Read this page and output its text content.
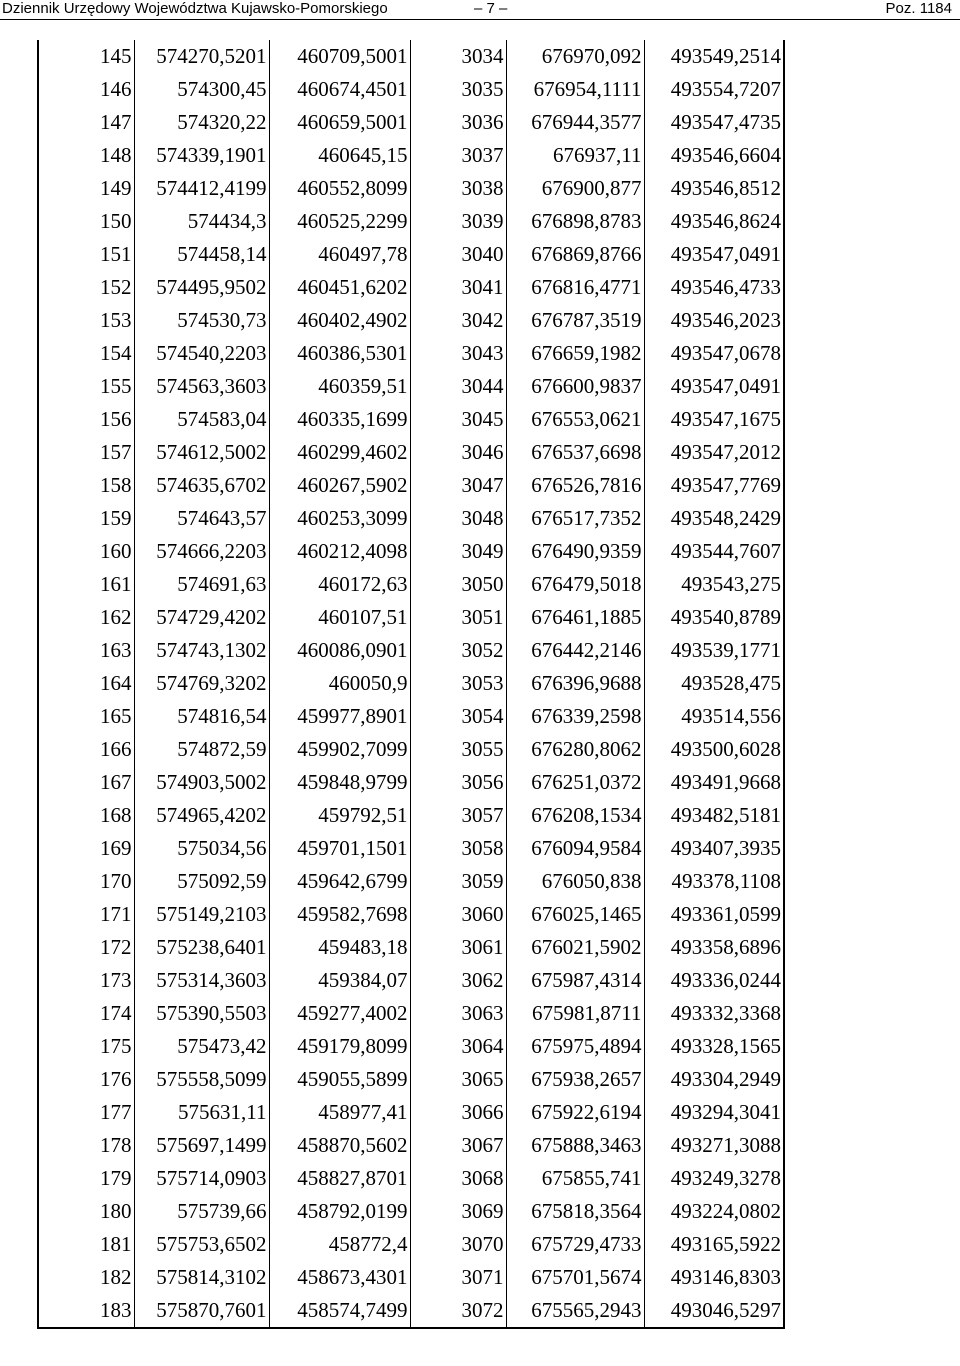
Dziennik Urzędowy Województwa Kujawsko-Pomorskiego	– 7 –	Poz. 1184
145	574270,5201	460709,5001	3034	676970,092	493549,2514
146	574300,45	460674,4501	3035	676954,1111	493554,7207
147	574320,22	460659,5001	3036	676944,3577	493547,4735
148	574339,1901	460645,15	3037	676937,11	493546,6604
149	574412,4199	460552,8099	3038	676900,877	493546,8512
150	574434,3	460525,2299	3039	676898,8783	493546,8624
151	574458,14	460497,78	3040	676869,8766	493547,0491
152	574495,9502	460451,6202	3041	676816,4771	493546,4733
153	574530,73	460402,4902	3042	676787,3519	493546,2023
154	574540,2203	460386,5301	3043	676659,1982	493547,0678
155	574563,3603	460359,51	3044	676600,9837	493547,0491
156	574583,04	460335,1699	3045	676553,0621	493547,1675
157	574612,5002	460299,4602	3046	676537,6698	493547,2012
158	574635,6702	460267,5902	3047	676526,7816	493547,7769
159	574643,57	460253,3099	3048	676517,7352	493548,2429
160	574666,2203	460212,4098	3049	676490,9359	493544,7607
161	574691,63	460172,63	3050	676479,5018	493543,275
162	574729,4202	460107,51	3051	676461,1885	493540,8789
163	574743,1302	460086,0901	3052	676442,2146	493539,1771
164	574769,3202	460050,9	3053	676396,9688	493528,475
165	574816,54	459977,8901	3054	676339,2598	493514,556
166	574872,59	459902,7099	3055	676280,8062	493500,6028
167	574903,5002	459848,9799	3056	676251,0372	493491,9668
168	574965,4202	459792,51	3057	676208,1534	493482,5181
169	575034,56	459701,1501	3058	676094,9584	493407,3935
170	575092,59	459642,6799	3059	676050,838	493378,1108
171	575149,2103	459582,7698	3060	676025,1465	493361,0599
172	575238,6401	459483,18	3061	676021,5902	493358,6896
173	575314,3603	459384,07	3062	675987,4314	493336,0244
174	575390,5503	459277,4002	3063	675981,8711	493332,3368
175	575473,42	459179,8099	3064	675975,4894	493328,1565
176	575558,5099	459055,5899	3065	675938,2657	493304,2949
177	575631,11	458977,41	3066	675922,6194	493294,3041
178	575697,1499	458870,5602	3067	675888,3463	493271,3088
179	575714,0903	458827,8701	3068	675855,741	493249,3278
180	575739,66	458792,0199	3069	675818,3564	493224,0802
181	575753,6502	458772,4	3070	675729,4733	493165,5922
182	575814,3102	458673,4301	3071	675701,5674	493146,8303
183	575870,7601	458574,7499	3072	675565,2943	493046,5297
